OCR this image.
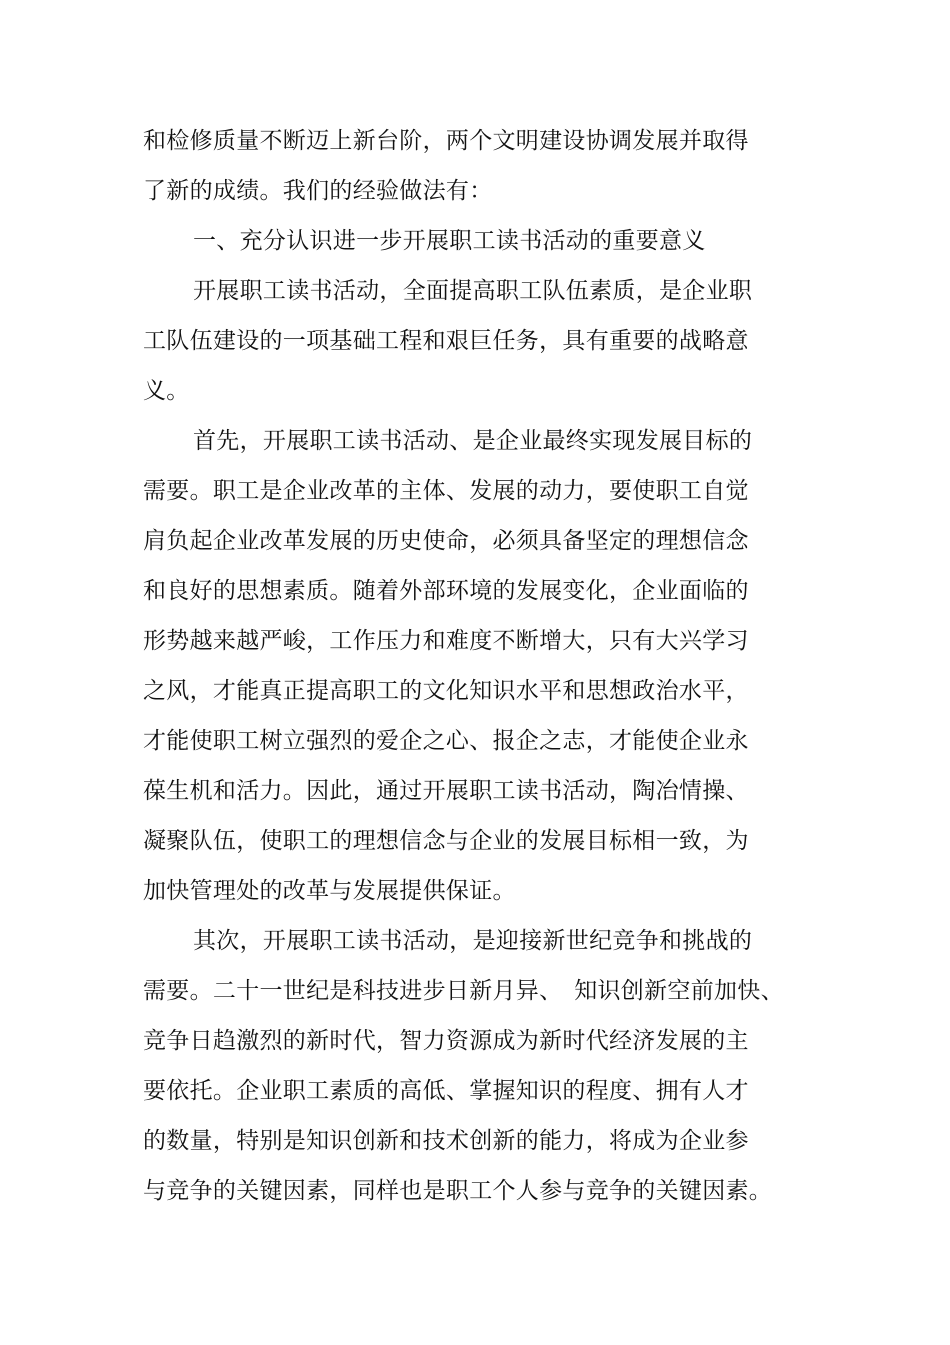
和检修质量不断迈上新台阶，两个文明建设协调发展并取得
了新的成绩。我们的经验做法有：
一、充分认识进一步开展职工读书活动的重要意义
开展职工读书活动，全面提高职工队伍素质，是企业职
工队伍建设的一项基础工程和艰巨任务，具有重要的战略意
义。
首先，开展职工读书活动、是企业最终实现发展目标的
需要。职工是企业改革的主体、发展的动力，要使职工自觉
肩负起企业改革发展的历史使命，必须具备坚定的理想信念
和良好的思想素质。随着外部环境的发展变化，企业面临的
形势越来越严峻，工作压力和难度不断增大，只有大兴学习
之风，才能真正提高职工的文化知识水平和思想政治水平，
才能使职工树立强烈的爱企之心、报企之志，才能使企业永
葆生机和活力。因此，通过开展职工读书活动，陶冶情操、
凝聚队伍，使职工的理想信念与企业的发展目标相一致，为
加快管理处的改革与发展提供保证。
其次，开展职工读书活动，是迎接新世纪竞争和挑战的
需要。二十一世纪是科技进步日新月异、　知识创新空前加快、
竞争日趋激烈的新时代，智力资源成为新时代经济发展的主
要依托。企业职工素质的高低、掌握知识的程度、拥有人才
的数量，特别是知识创新和技术创新的能力，将成为企业参
与竞争的关键因素，同样也是职工个人参与竞争的关键因素。
